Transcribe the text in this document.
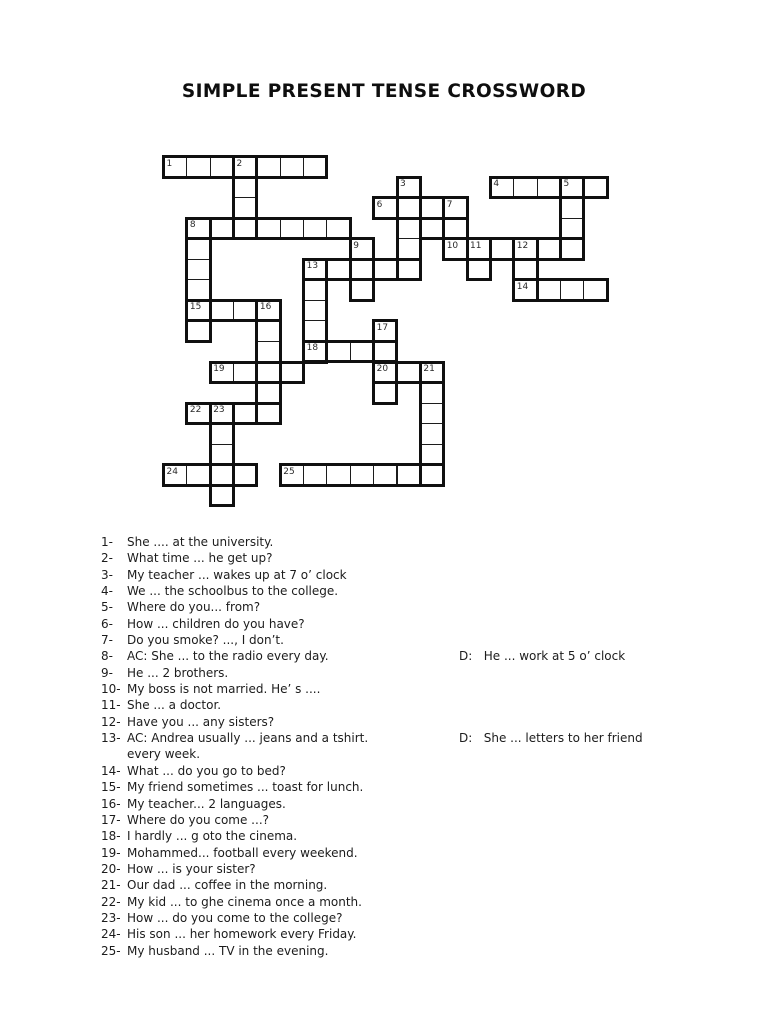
SIMPLE PRESENT TENSE CROSSWORD
1	2
3	4	5
6	7
8
9	10 11	12
13
14
15	16
17
18
19	20	21
22 23
24	25
1- She .... at the university.
2- What time ... he get up?
3- My teacher ... wakes up at 7 o’ clock
4- We ... the schoolbus to the college.
5- Where do you... from?
6- How ... children do you have?
7- Do you smoke? ..., I don’t.
8- AC: She ... to the radio every day.	D:   He ... work at 5 o’ clock
9- He ... 2 brothers.
10- My boss is not married. He’ s ....
11- She ... a doctor.
12- Have you ... any sisters?
13- AC: Andrea usually ... jeans and a tshirt.	D:   She ... letters to her friend
every week.
14- What ... do you go to bed?
15- My friend sometimes ... toast for lunch.
16- My teacher... 2 languages.
17- Where do you come ...?
18- I hardly ... g oto the cinema.
19- Mohammed... football every weekend.
20- How ... is your sister?
21- Our dad ... coffee in the morning.
22- My kid ... to ghe cinema once a month.
23- How ... do you come to the college?
24- His son ... her homework every Friday.
25- My husband ... TV in the evening.
